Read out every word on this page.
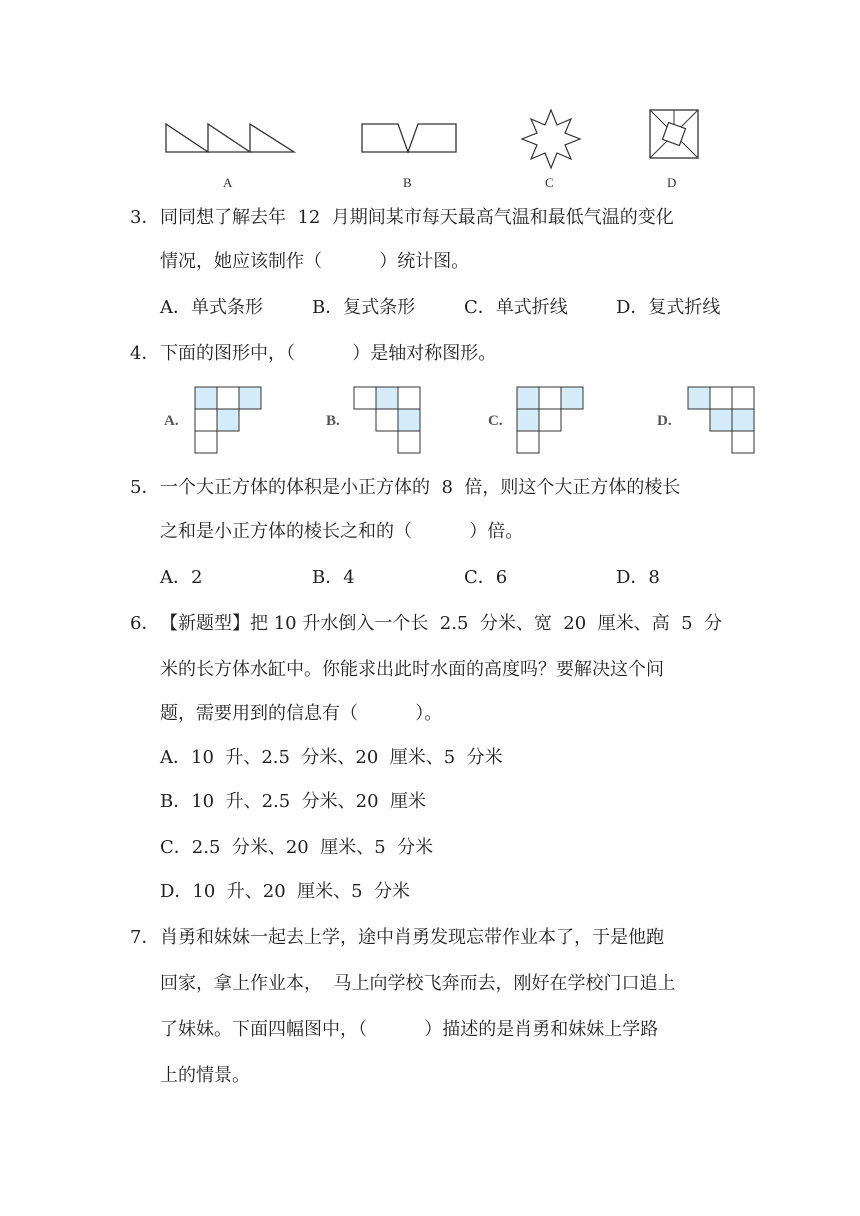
A	B	C	D
3． 同同想了解去年  12  月期间某市每天最高气温和最低气温的变化
情况，她应该制作（          ）统计图。
A．单式条形	B．复式条形	C．单式折线	D．复式折线
4． 下面的图形中，（          ）是轴对称图形。
A.	B.	C.	D.
5． 一个大正方体的体积是小正方体的  8  倍，则这个大正方体的棱长
之和是小正方体的棱长之和的（          ）倍。
A．2	B．4	C．6	D．8
6． 【新题型】把 10 升水倒入一个长  2.5  分米、宽  20  厘米、高  5  分
米的长方体水缸中。你能求出此时水面的高度吗？要解决这个问
题，需要用到的信息有（          ）。
A．10  升、2.5  分米、20  厘米、5  分米
B．10  升、2.5  分米、20  厘米
C．2.5  分米、20  厘米、5  分米
D．10  升、20  厘米、5  分米
7． 肖勇和妹妹一起去上学，途中肖勇发现忘带作业本了，于是他跑
回家，拿上作业本，  马上向学校飞奔而去，刚好在学校门口追上
了妹妹。下面四幅图中，（          ）描述的是肖勇和妹妹上学路
上的情景。
